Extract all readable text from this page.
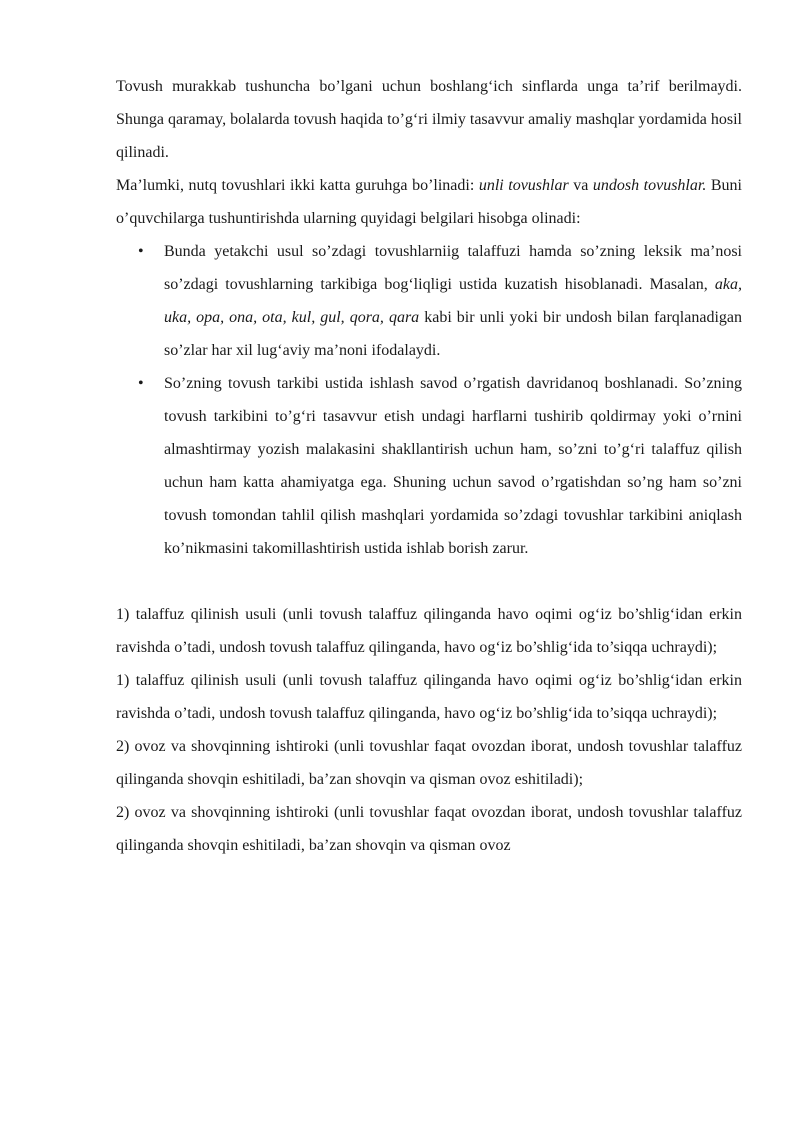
Tovush murakkab tushuncha bo’lgani uchun boshlang‘ich sinflarda unga ta’rif berilmaydi. Shunga qaramay, bolalarda tovush haqida to’g‘ri ilmiy tasavvur amaliy mashqlar yordamida hosil qilinadi.

Ma’lumki, nutq tovushlari ikki katta guruhga bo’linadi: unli tovushlar va undosh tovushlar. Buni o’quvchilarga tushuntirishda ularning quyidagi belgilari hisobga olinadi:

• Bunda yetakchi usul so’zdagi tovushlarniig talaffuzi hamda so’zning leksik ma’nosi so’zdagi tovushlarning tarkibiga bog‘liqligi ustida kuzatish hisoblanadi. Masalan, aka, uka, opa, ona, ota, kul, gul, qora, qara kabi bir unli yoki bir undosh bilan farqlanadigan so’zlar har xil lug‘aviy ma’noni ifodalaydi.
• So’zning tovush tarkibi ustida ishlash savod o’rgatish davridanoq boshlanadi. So’zning tovush tarkibini to’g‘ri tasavvur etish undagi harflarni tushirib qoldirmay yoki o’rnini almashtirmay yozish malakasini shakllantirish uchun ham, so’zni to’g‘ri talaffuz qilish uchun ham katta ahamiyatga ega. Shuning uchun savod o’rgatishdan so’ng ham so’zni tovush tomondan tahlil qilish mashqlari yordamida so’zdagi tovushlar tarkibini aniqlash ko’nikmasini takomillashtirish ustida ishlab borish zarur.

1) talaffuz qilinish usuli (unli tovush talaffuz qilinganda havo oqimi og‘iz bo’shlig‘idan erkin ravishda o’tadi, undosh tovush talaffuz qilinganda, havo og‘iz bo’shlig‘ida to’siqqa uchraydi);

1) talaffuz qilinish usuli (unli tovush talaffuz qilinganda havo oqimi og‘iz bo’shlig‘idan erkin ravishda o’tadi, undosh tovush talaffuz qilinganda, havo og‘iz bo’shlig‘ida to’siqqa uchraydi);

2) ovoz va shovqinning ishtiroki (unli tovushlar faqat ovozdan iborat, undosh tovushlar talaffuz qilinganda shovqin eshitiladi, ba’zan shovqin va qisman ovoz eshitiladi);

2) ovoz va shovqinning ishtiroki (unli tovushlar faqat ovozdan iborat, undosh tovushlar talaffuz qilinganda shovqin eshitiladi, ba’zan shovqin va qisman ovoz
